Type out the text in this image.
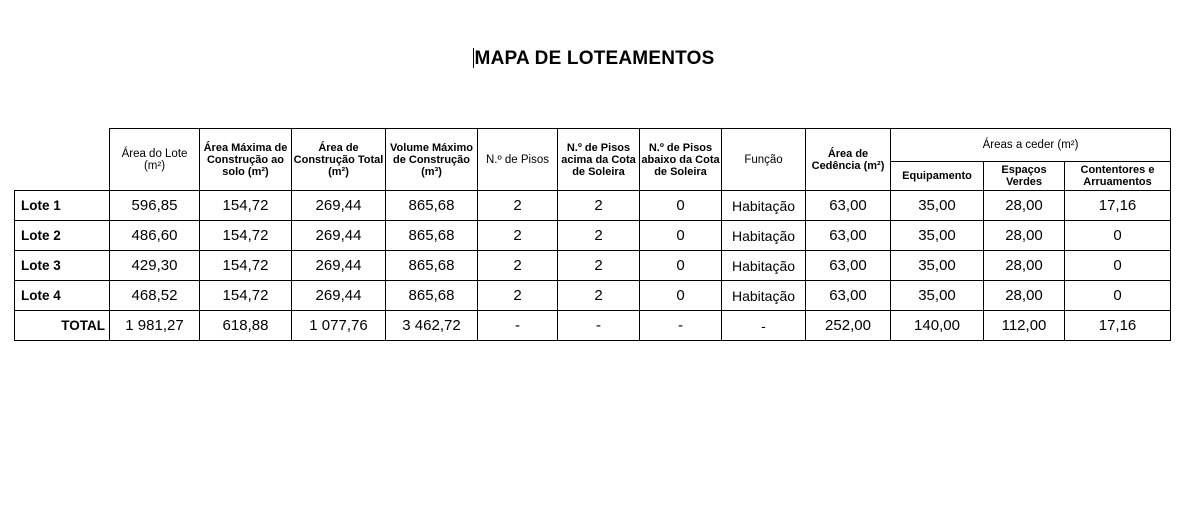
MAPA DE LOTEAMENTOS
	Área do Lote (m²)	Área Máxima de Construção ao solo (m²)	Área de Construção Total (m²)	Volume Máximo de Construção (m³)	N.º de Pisos	N.º de Pisos acima da Cota de Soleira	N.º de Pisos abaixo da Cota de Soleira	Função	Área de Cedência (m²)	Áreas a ceder (m²)		
										Equipamento	Espaços Verdes	Contentores e Arruamentos
Lote 1	596,85	154,72	269,44	865,68	2	2	0	Habitação	63,00	35,00	28,00	17,16
Lote 2	486,60	154,72	269,44	865,68	2	2	0	Habitação	63,00	35,00	28,00	0
Lote 3	429,30	154,72	269,44	865,68	2	2	0	Habitação	63,00	35,00	28,00	0
Lote 4	468,52	154,72	269,44	865,68	2	2	0	Habitação	63,00	35,00	28,00	0
TOTAL	1 981,27	618,88	1 077,76	3 462,72	-	-	-	-	252,00	140,00	112,00	17,16
